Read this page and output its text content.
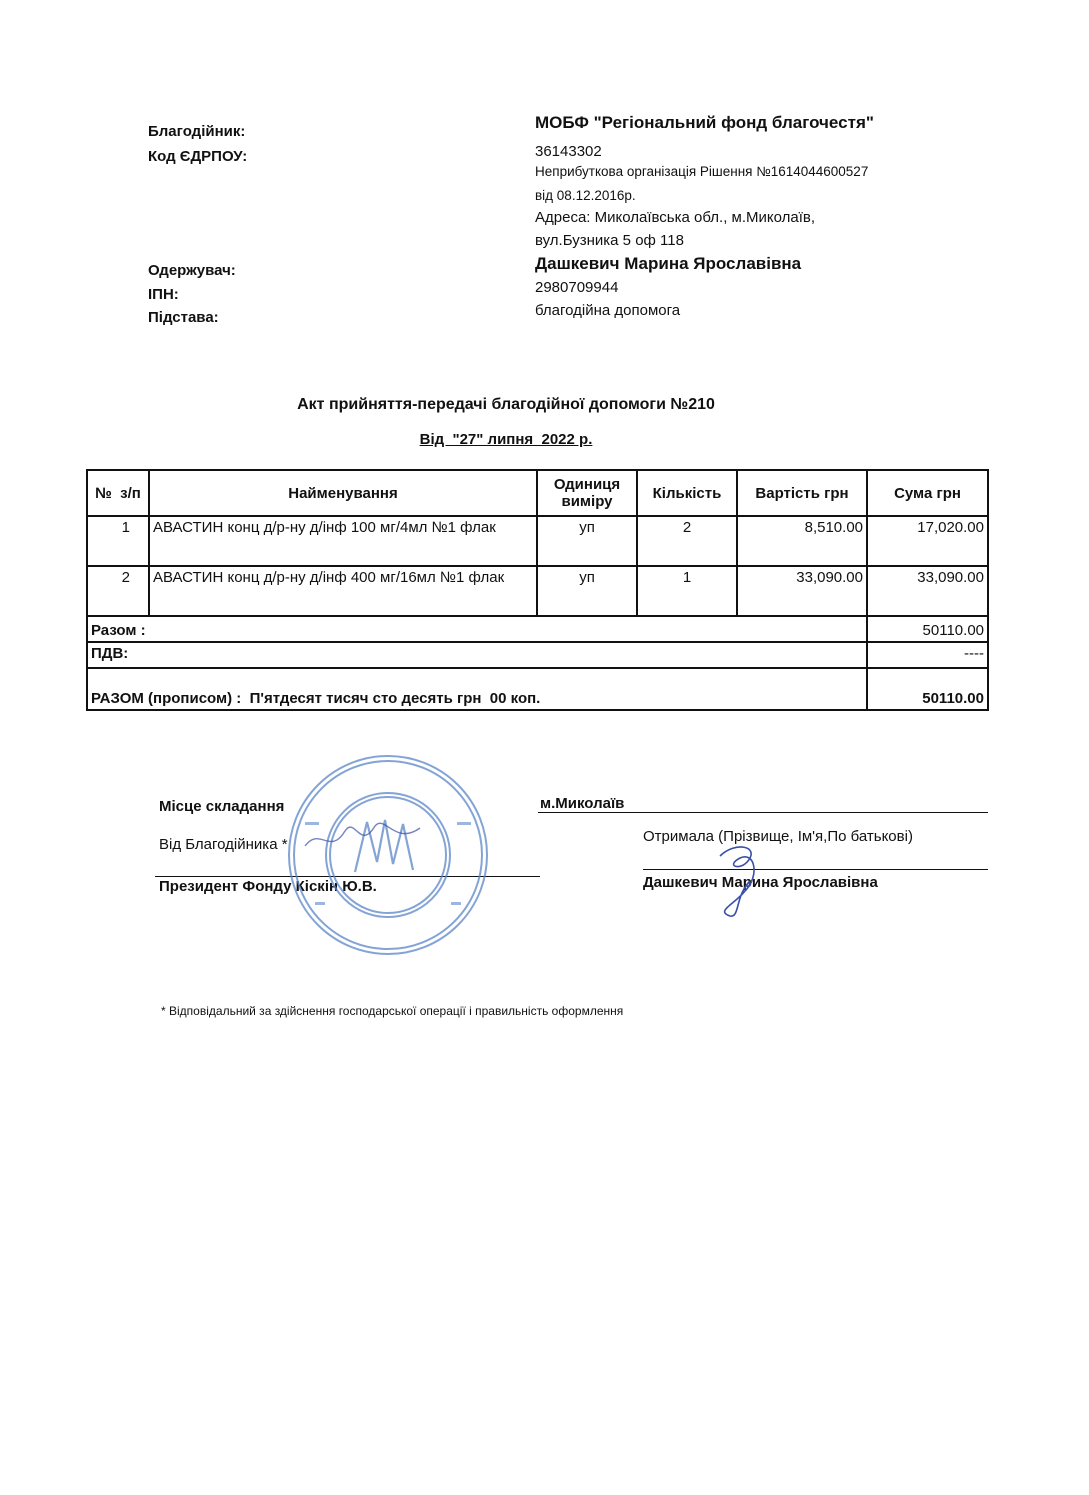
Благодійник:	МОБФ "Регіональний фонд благочестя"
Код ЄДРПОУ:	36143302
Неприбуткова організація Рішення №1614044600527
від 08.12.2016р.
Адреса: Миколаївська обл., м.Миколаїв,
вул.Бузника 5 оф 118
Одержувач:	Дашкевич Марина Ярославівна
ІПН:	2980709944
Підстава:	благодійна допомога
Акт прийняття-передачі благодійної допомоги №210
Від  "27" липня  2022 р.
№  з/п	Найменування	Одиниця виміру	Кількість	Вартість грн	Сума грн
1	АВАСТИН конц д/р-ну д/інф 100 мг/4мл №1 флак	уп	2	8,510.00	17,020.00
2	АВАСТИН конц д/р-ну д/інф 400 мг/16мл №1 флак	уп	1	33,090.00	33,090.00
Разом :					50110.00
ПДВ:					----
РАЗОМ (прописом) :  П'ятдесят тисяч сто десять грн  00 коп.					50110.00
Місце складання	м.Миколаїв
Від Благодійника *	Отримала (Прізвище, Ім'я,По батькові)
Президент Фонду Кіскін Ю.В.	Дашкевич Марина Ярославівна
* Відповідальний за здійснення господарської операції і правильність оформлення
